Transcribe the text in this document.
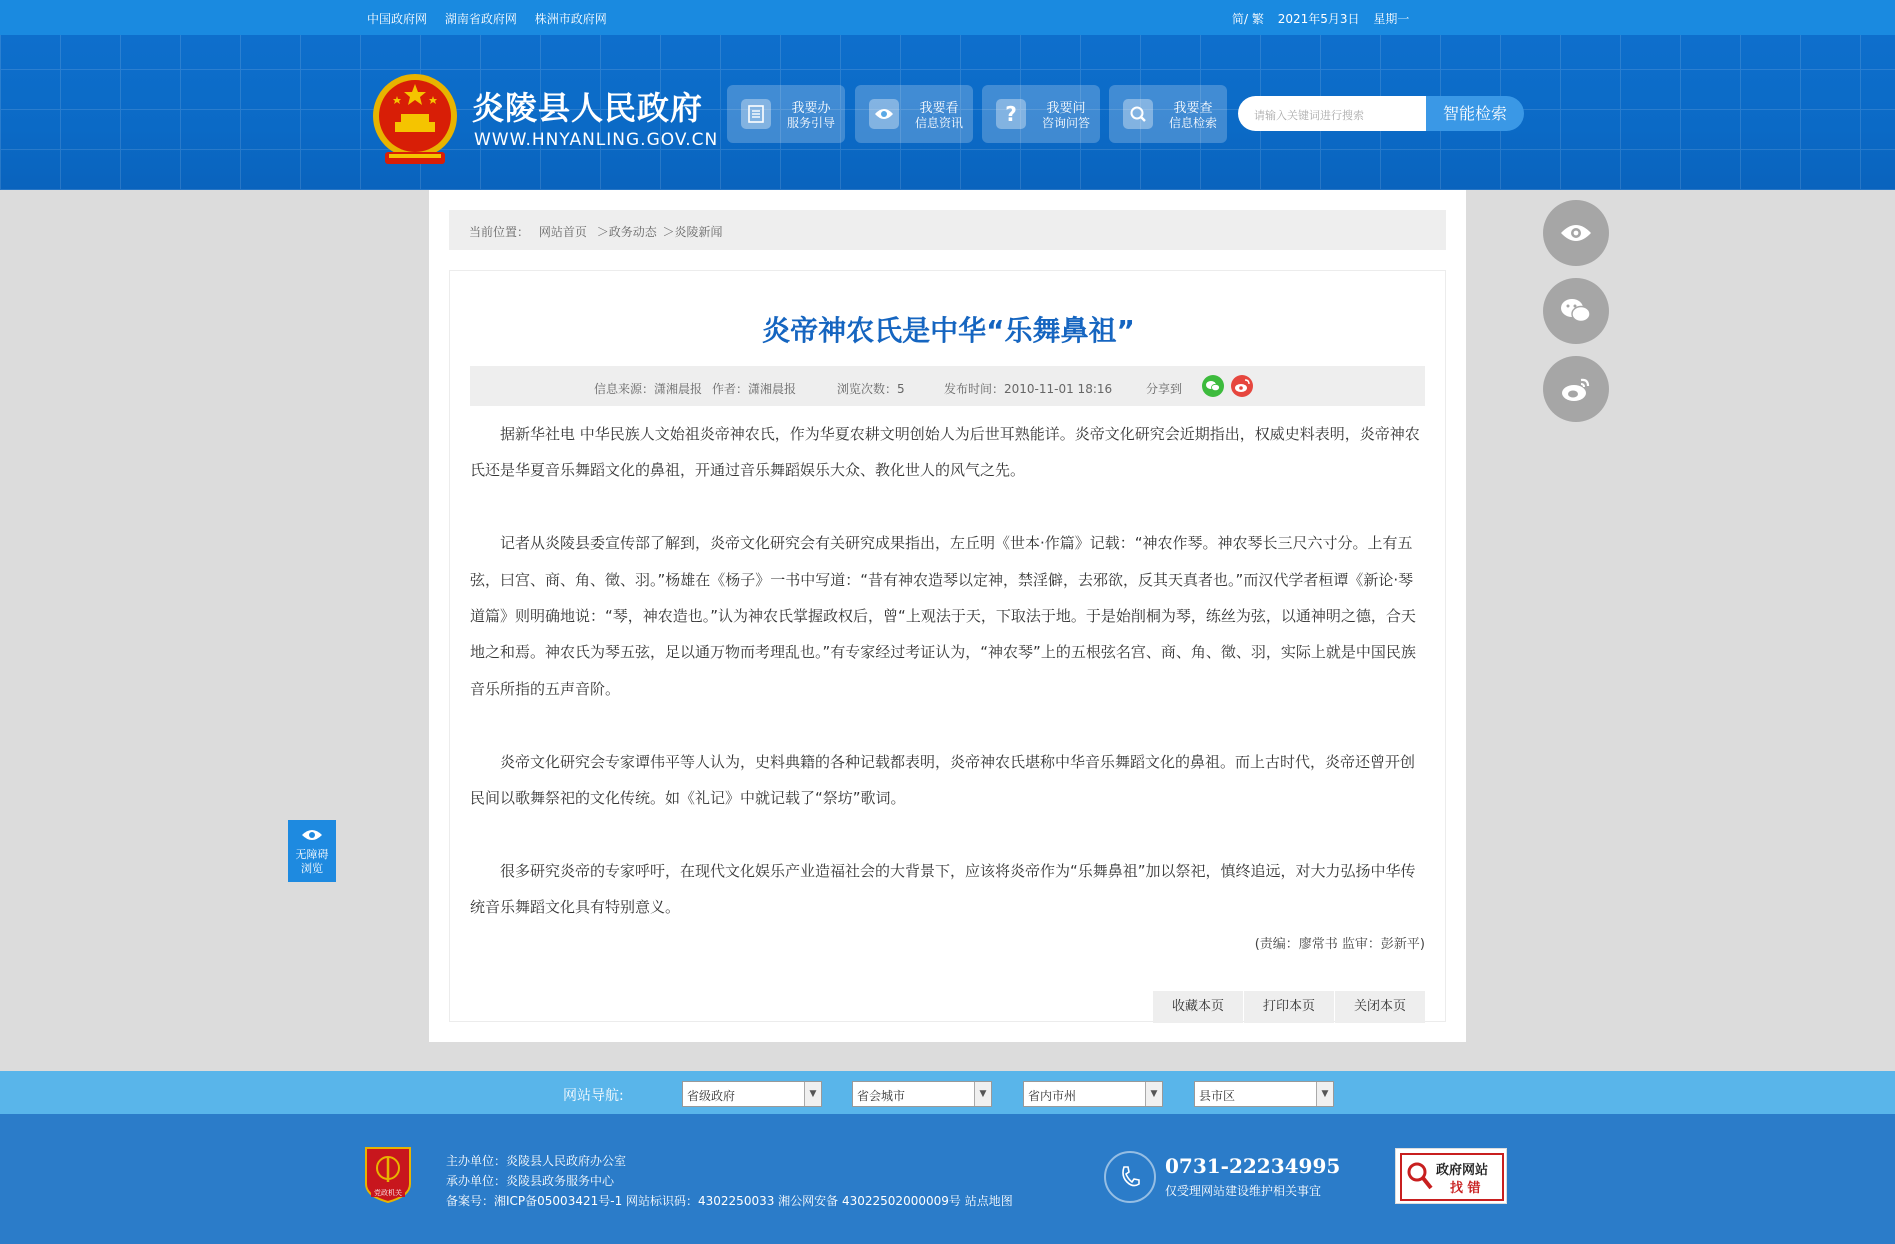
中国政府网 湖南省政府网 株洲市政府网	简/ 繁 2021年5月3日 星期一
炎陵县人民政府
WWW.HNYANLING.GOV.CN
我要办
服务引导
我要看
信息资讯	?	我要问
咨询问答
我要查
信息检索
请输入关键词进行搜索	智能检索
当前位置： 网站首页 ＞政务动态 ＞炎陵新闻
炎帝神农氏是中华“乐舞鼻祖”
信息来源：潇湘晨报 作者：潇湘晨报	浏览次数：5	发布时间：2010-11-01 18:16	分享到

据新华社电 中华民族人文始祖炎帝神农氏，作为华夏农耕文明创始人为后世耳熟能详。炎帝文化研究会近期指出，权威史料表明，炎帝神农氏还是华夏音乐舞蹈文化的鼻祖，开通过音乐舞蹈娱乐大众、教化世人的风气之先。

记者从炎陵县委宣传部了解到，炎帝文化研究会有关研究成果指出，左丘明《世本·作篇》记载：“神农作琴。神农琴长三尺六寸分。上有五弦，曰宫、商、角、徵、羽。”杨雄在《杨子》一书中写道：“昔有神农造琴以定神，禁淫僻，去邪欲，反其天真者也。”而汉代学者桓谭《新论·琴道篇》则明确地说：“琴，神农造也。”认为神农氏掌握政权后，曾“上观法于天，下取法于地。于是始削桐为琴，练丝为弦，以通神明之德，合天地之和焉。神农氏为琴五弦，足以通万物而考理乱也。”有专家经过考证认为，“神农琴”上的五根弦名宫、商、角、徵、羽，实际上就是中国民族音乐所指的五声音阶。

炎帝文化研究会专家谭伟平等人认为，史料典籍的各种记载都表明，炎帝神农氏堪称中华音乐舞蹈文化的鼻祖。而上古时代，炎帝还曾开创民间以歌舞祭祀的文化传统。如《礼记》中就记载了“祭坊”歌词。

很多研究炎帝的专家呼吁，在现代文化娱乐产业造福社会的大背景下，应该将炎帝作为“乐舞鼻祖”加以祭祀，慎终追远，对大力弘扬中华传统音乐舞蹈文化具有特别意义。

(责编：廖常书 监审：彭新平)
收藏本页	打印本页	关闭本页
无障碍
浏览
网站导航:	省级政府	▼	省会城市	▼	省内市州	▼	县市区	▼
党政机关
主办单位：炎陵县人民政府办公室
承办单位：炎陵县政务服务中心
备案号：湘ICP备05003421号-1 网站标识码：4302250033 湘公网安备 43022502000009号 站点地图
0731-22234995
仅受理网站建设维护相关事宜
政府网站
找 错
